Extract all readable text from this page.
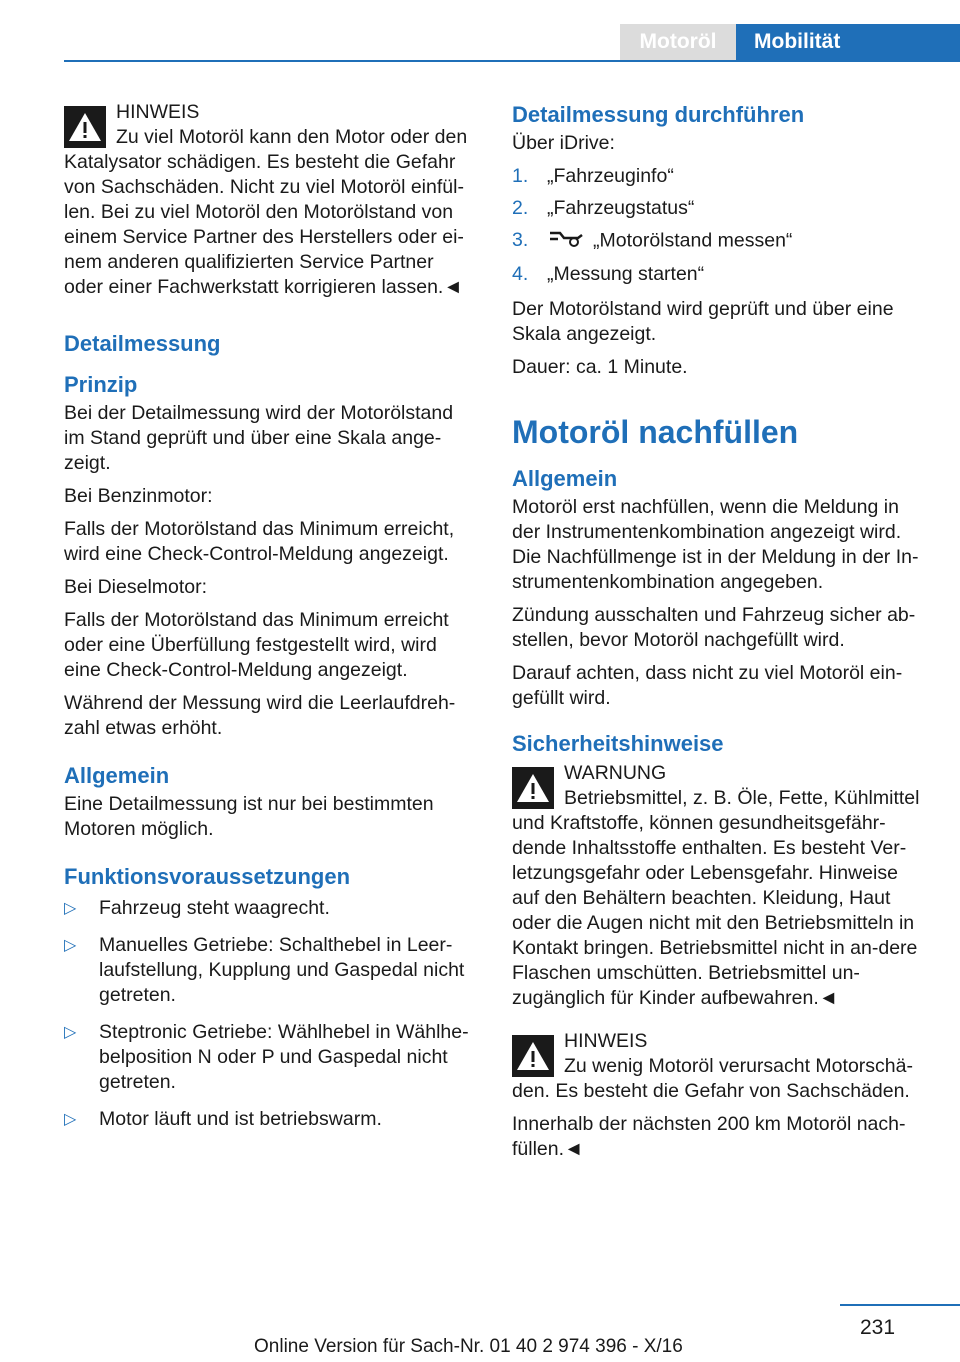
Motoröl	Mobilität
HINWEIS
Zu viel Motoröl kann den Motor oder den

Katalysator schädigen. Es besteht die Gefahr von Sachschäden. Nicht zu viel Motoröl einfül-len. Bei zu viel Motoröl den Motorölstand von einem Service Partner des Herstellers oder ei-nem anderen qualifizierten Service Partner oder einer Fachwerkstatt korrigieren lassen.◄

Detailmessung
Prinzip

Bei der Detailmessung wird der Motorölstand im Stand geprüft und über eine Skala ange-zeigt.

Bei Benzinmotor:

Falls der Motorölstand das Minimum erreicht, wird eine Check-Control-Meldung angezeigt.

Bei Dieselmotor:

Falls der Motorölstand das Minimum erreicht oder eine Überfüllung festgestellt wird, wird eine Check-Control-Meldung angezeigt.

Während der Messung wird die Leerlaufdreh-zahl etwas erhöht.

Allgemein

Eine Detailmessung ist nur bei bestimmten Motoren möglich.

Funktionsvoraussetzungen
▷ Fahrzeug steht waagrecht.
▷ Manuelles Getriebe: Schalthebel in Leer-laufstellung, Kupplung und Gaspedal nicht getreten.
▷ Steptronic Getriebe: Wählhebel in Wählhe-belposition N oder P und Gaspedal nicht getreten.
▷ Motor läuft und ist betriebswarm.
Detailmessung durchführen

Über iDrive:

1. „Fahrzeuginfo“
2. „Fahrzeugstatus“
3.	„Motorölstand messen“
4. „Messung starten“

Der Motorölstand wird geprüft und über eine Skala angezeigt.

Dauer: ca. 1 Minute.

Motoröl nachfüllen
Allgemein

Motoröl erst nachfüllen, wenn die Meldung in der Instrumentenkombination angezeigt wird. Die Nachfüllmenge ist in der Meldung in der In-strumentenkombination angegeben.

Zündung ausschalten und Fahrzeug sicher ab-stellen, bevor Motoröl nachgefüllt wird.

Darauf achten, dass nicht zu viel Motoröl ein-gefüllt wird.

Sicherheitshinweise
WARNUNG
Betriebsmittel, z. B. Öle, Fette, Kühlmittel

und Kraftstoffe, können gesundheitsgefähr-dende Inhaltsstoffe enthalten. Es besteht Ver-letzungsgefahr oder Lebensgefahr. Hinweise auf den Behältern beachten. Kleidung, Haut oder die Augen nicht mit den Betriebsmitteln in Kontakt bringen. Betriebsmittel nicht in an-dere Flaschen umschütten. Betriebsmittel un-zugänglich für Kinder aufbewahren.◄

HINWEIS
Zu wenig Motoröl verursacht Motorschä-

den. Es besteht die Gefahr von Sachschäden.

Innerhalb der nächsten 200 km Motoröl nach-füllen.◄

231
Online Version für Sach-Nr. 01 40 2 974 396 - X/16
